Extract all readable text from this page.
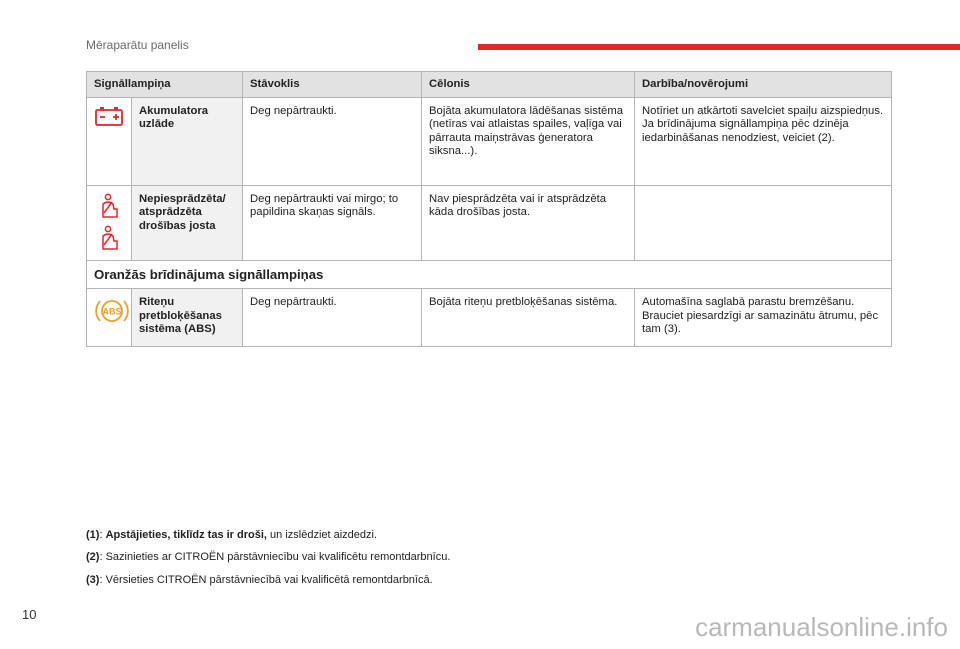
Mēraparātu panelis
Signāllampiņa		Stāvoklis	Cēlonis	Darbība/novērojumi

	Akumulatora uzlāde	Deg nepārtraukti.	Bojāta akumulatora lādēšanas sistēma (netīras vai atlaistas spailes, vaļīga vai pārrauta maiņstrāvas ģeneratora siksna...).	Notīriet un atkārtoti savelciet spaiļu aizspiedņus. Ja brīdinājuma signāllampiņa pēc dzinēja iedarbināšanas nenodziest, veiciet (2).

	Nepiesprādzēta/ atsprādzēta drošības josta	Deg nepārtraukti vai mirgo; to papildina skaņas signāls.	Nav piesprādzēta vai ir atsprādzēta kāda drošības josta.	
Oranžās brīdinājuma signāllampiņas				

ABS	Riteņu pretbloķēšanas sistēma (ABS)	Deg nepārtraukti.	Bojāta riteņu pretbloķēšanas sistēma.	Automašīna saglabā parastu bremzēšanu. Brauciet piesardzīgi ar samazinātu ātrumu, pēc tam (3).
(1): Apstājieties, tiklīdz tas ir droši, un izslēdziet aizdedzi.
(2): Sazinieties ar CITROËN pārstāvniecību vai kvalificētu remontdarbnīcu.
(3): Vērsieties CITROËN pārstāvniecībā vai kvalificētā remontdarbnīcā.
10	carmanualsonline.info
